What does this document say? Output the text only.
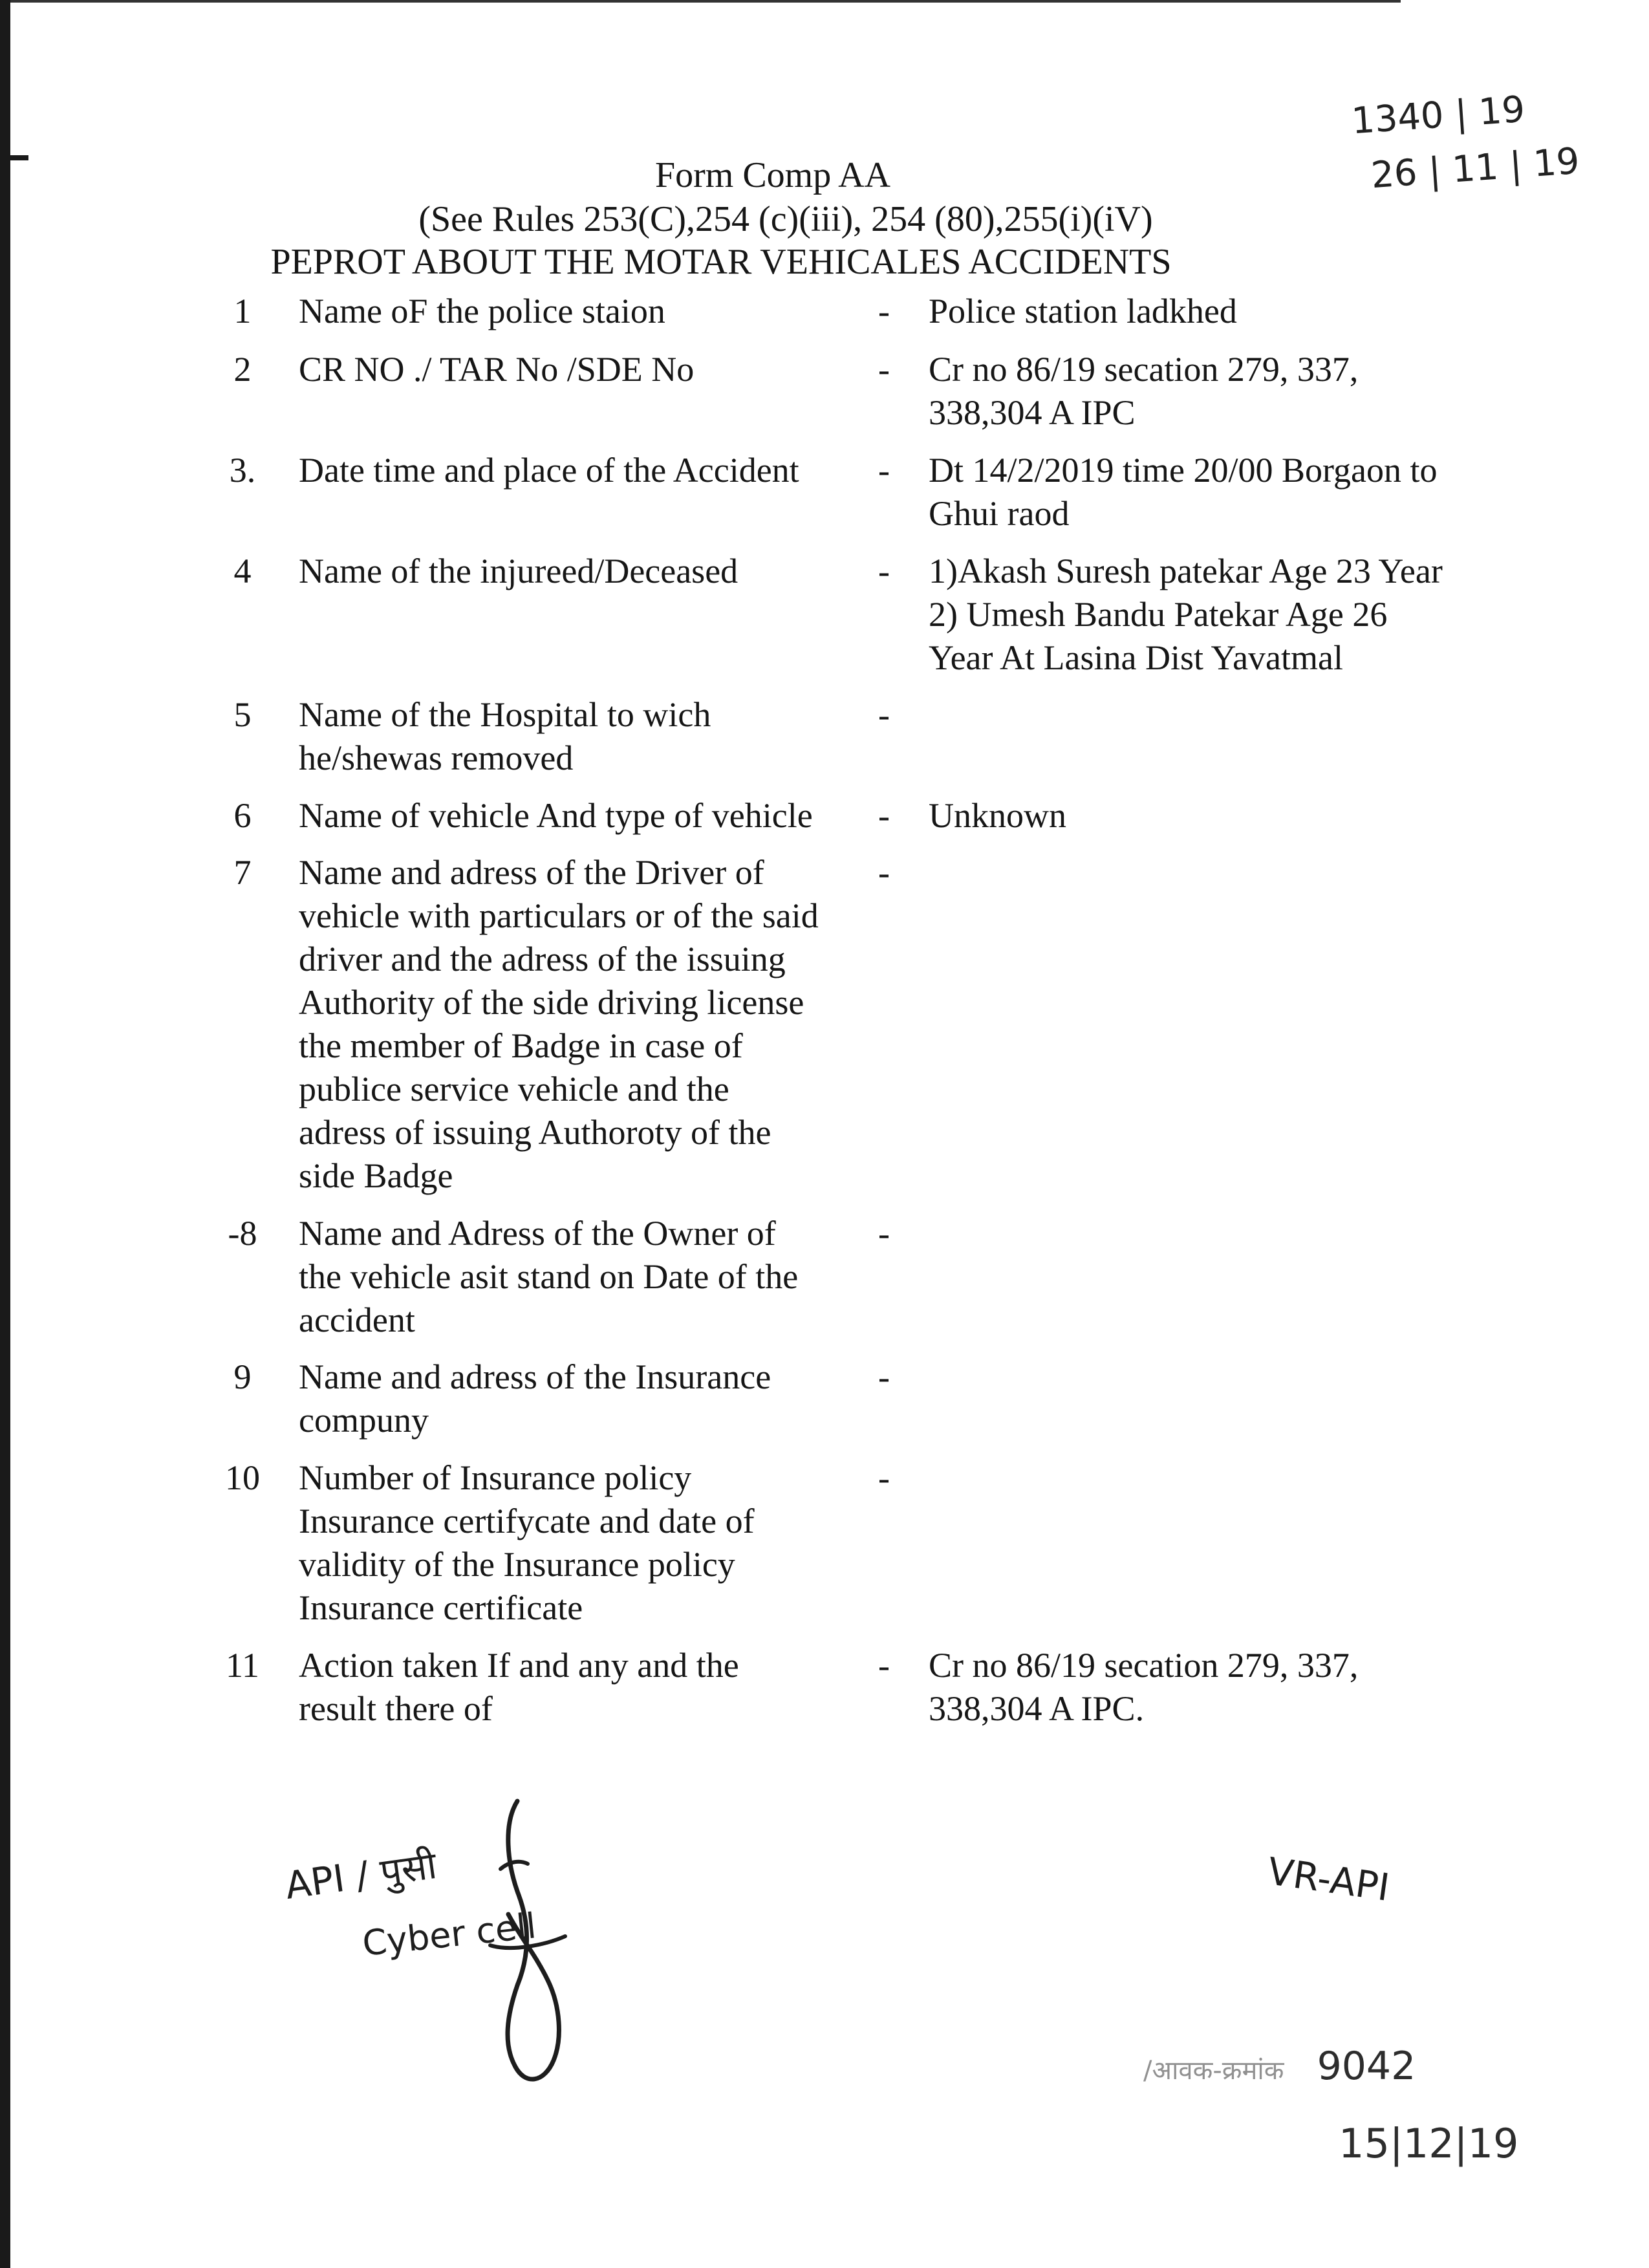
1340 | 19
26 | 11 | 19
Form Comp AA
(See Rules 253(C),254 (c)(iii), 254 (80),255(i)(iV)
PEPROT ABOUT THE MOTAR VEHICALES ACCIDENTS
1	Name oF the police staion	- Police station ladkhed
2	CR NO ./ TAR No /SDE No	- Cr no 86/19 secation 279, 337,
338,304 A IPC
3.	Date time and place of the Accident	- Dt 14/2/2019 time 20/00 Borgaon to
Ghui raod
4	Name of the injureed/Deceased	- 1)Akash Suresh patekar Age 23 Year
2) Umesh Bandu Patekar Age 26
Year At Lasina Dist Yavatmal
5	Name of the Hospital to wich
he/shewas removed
-
6	Name of vehicle And type of vehicle	- Unknown
7	Name and adress of the Driver of
vehicle with particulars or of the said
driver and the adress of the issuing
Authority of the side driving license
the member of Badge in case of
publice service vehicle and the
adress of issuing Authoroty of the
side Badge
-
-8	Name and Adress of the Owner of
the vehicle asit stand on Date of the
accident
-
9	Name and adress of the Insurance
compuny
-
10	Number of Insurance policy
Insurance certifycate and date of
validity of the Insurance policy
Insurance certificate
-
11	Action taken If and any and the
result there of
- Cr no 86/19 secation 279, 337,
338,304 A IPC.
API / पुसी
Cyber cell
VR-API
/आवक-क्रमांक 9042
15|12|19
